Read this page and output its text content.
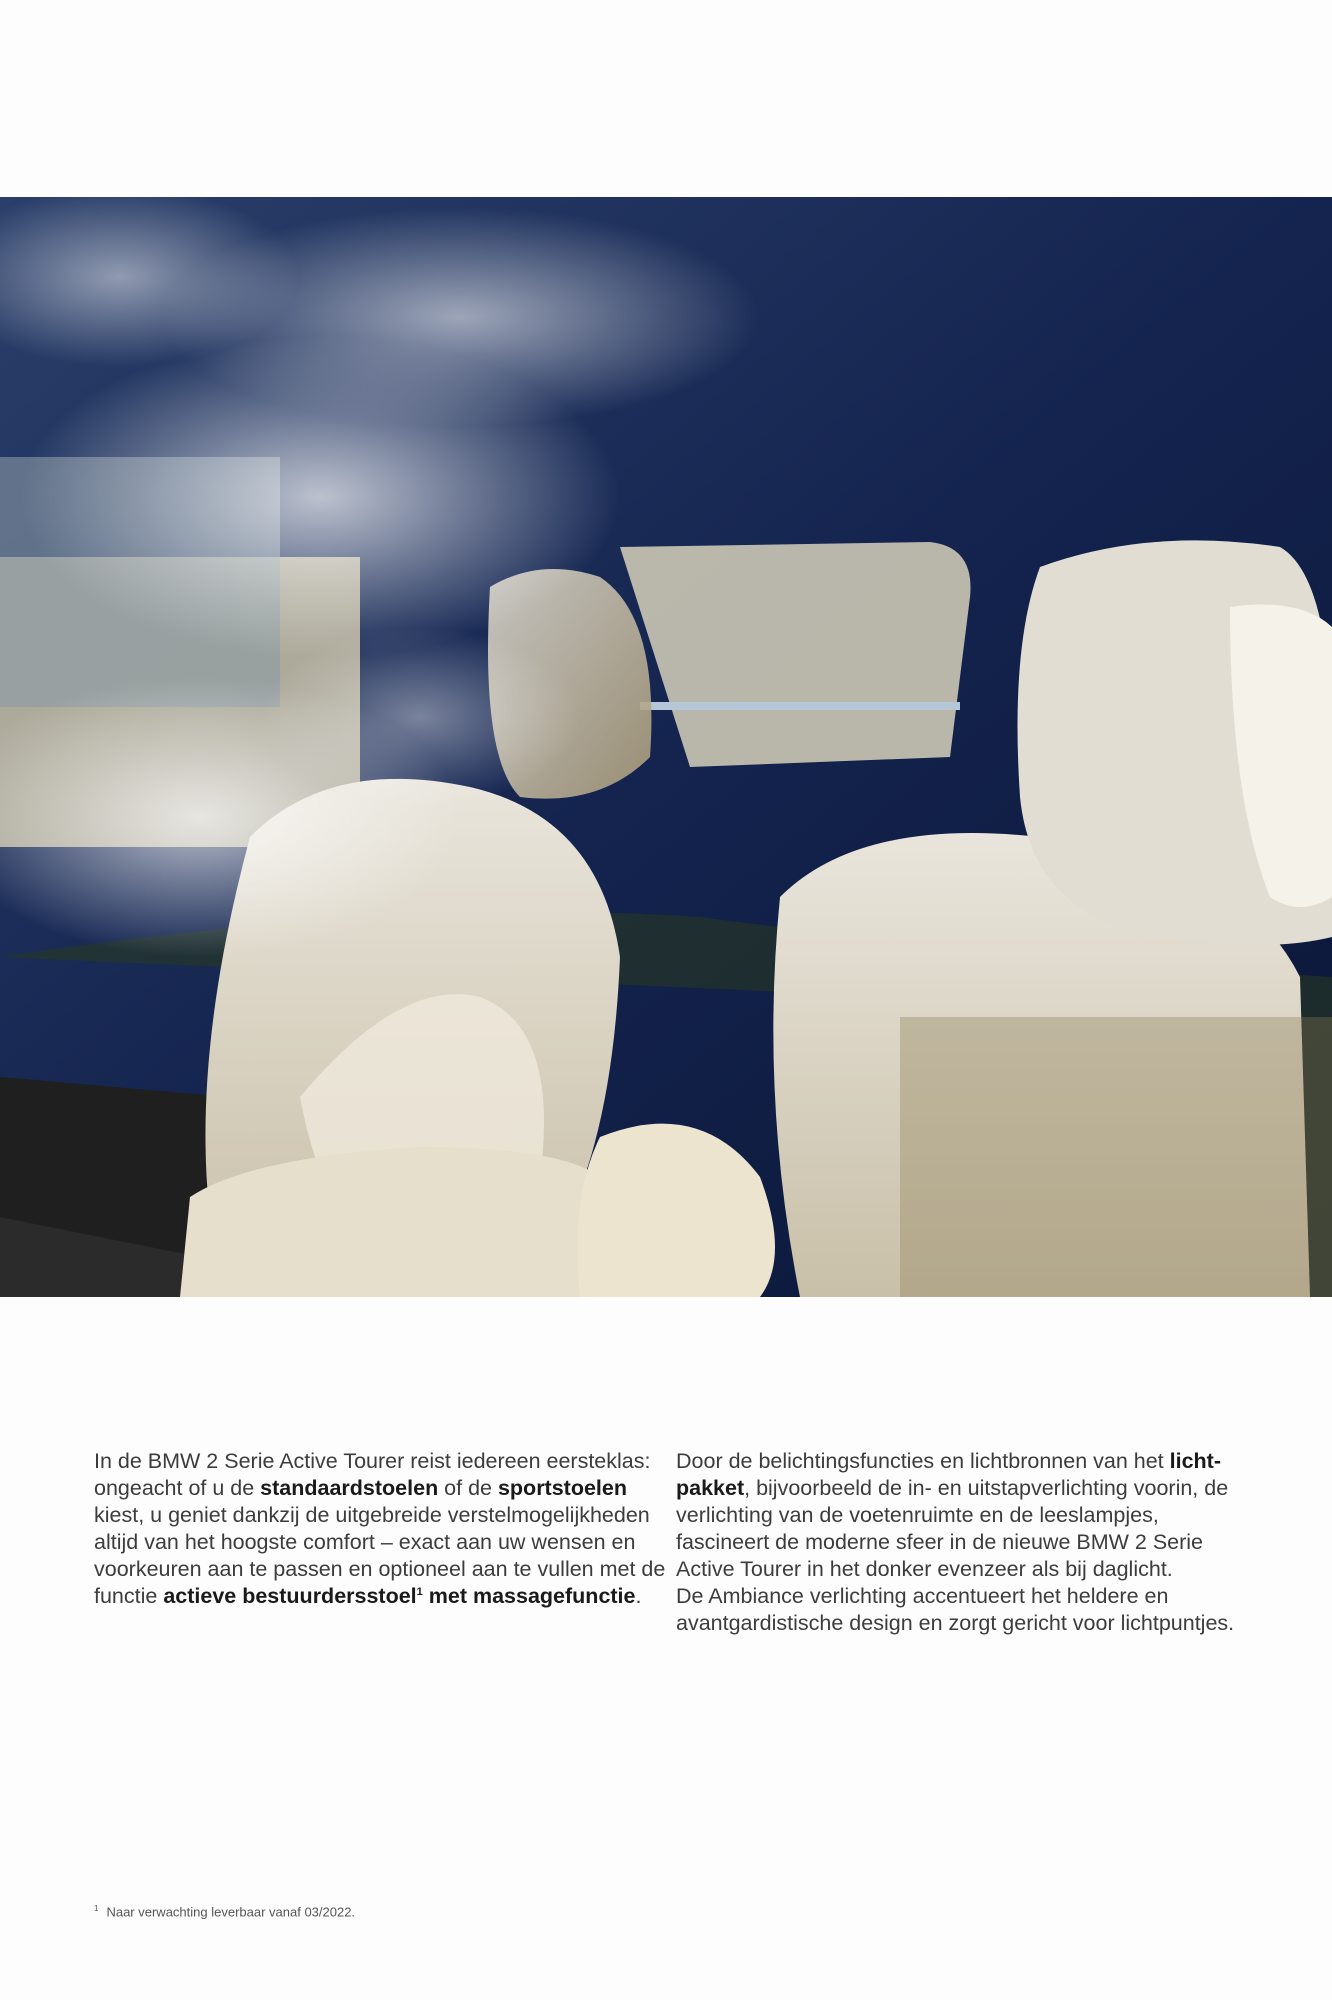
In de BMW 2 Serie Active Tourer reist iedereen eersteklas: ongeacht of u de standaardstoelen of de sportstoelen kiest, u geniet dankzij de uitgebreide verstelmogelijkheden altijd van het hoogste comfort – exact aan uw wensen en voorkeuren aan te passen en optioneel aan te vullen met de functie actieve bestuurdersstoel$^1$ met massagefunctie.

Door de belichtingsfuncties en lichtbronnen van het licht-pakket, bijvoorbeeld de in- en uitstapverlichting voorin, de verlichting van de voetenruimte en de leeslampjes, fascineert de moderne sfeer in de nieuwe BMW 2 Serie Active Tourer in het donker evenzeer als bij daglicht.

De Ambiance verlichting accentueert het heldere en avantgardistische design en zorgt gericht voor lichtpuntjes.

$^1$ Naar verwachting leverbaar vanaf 03/2022.
